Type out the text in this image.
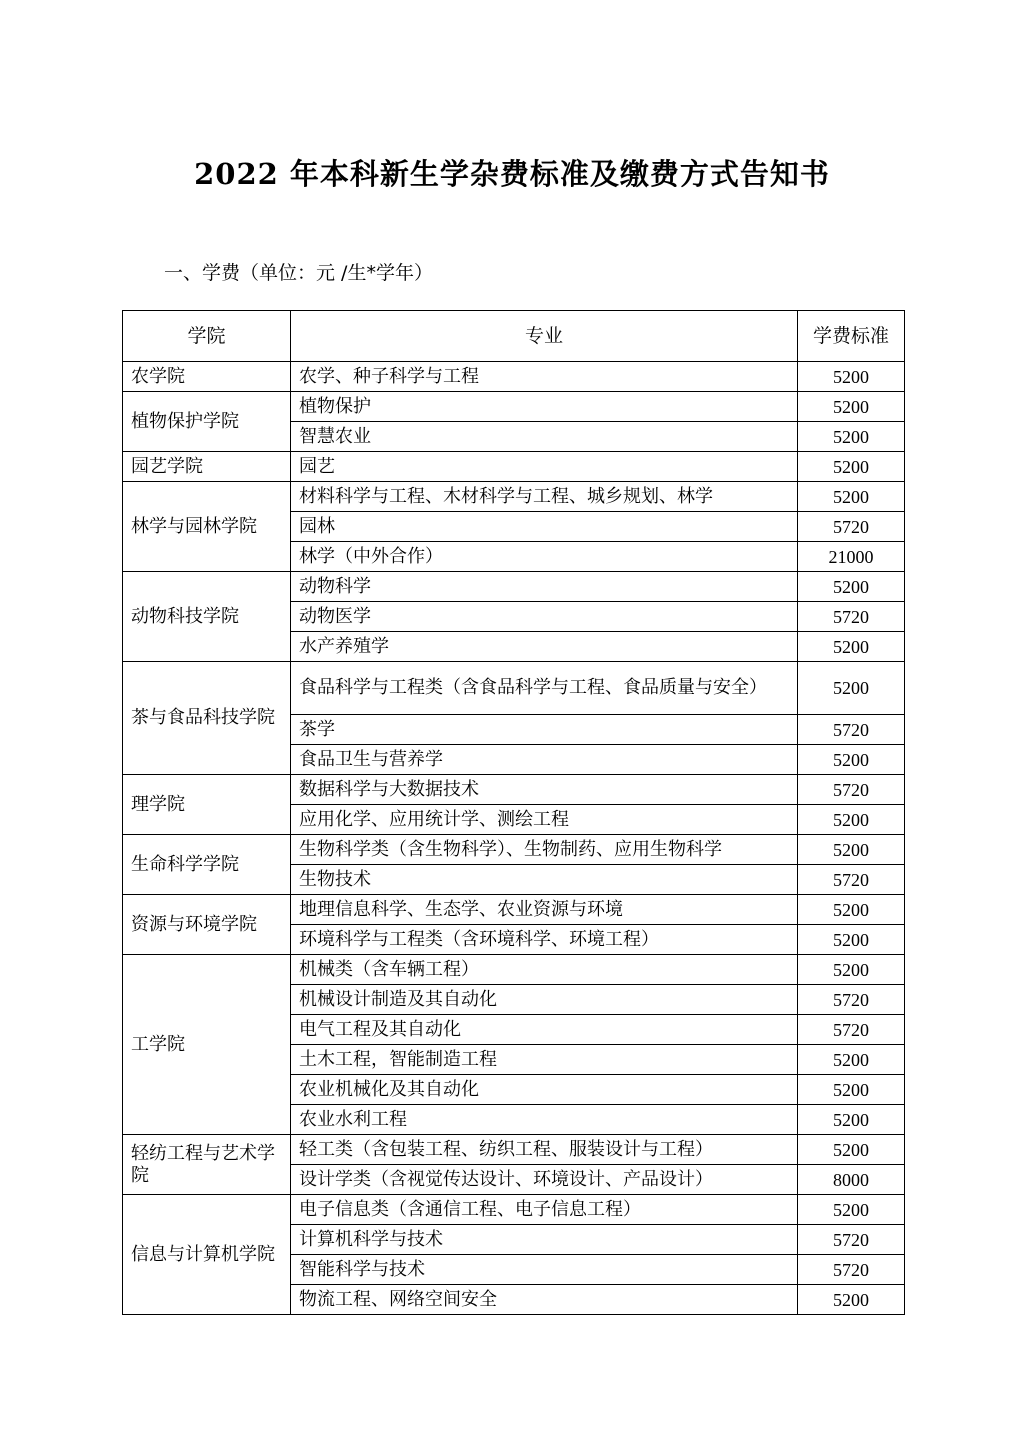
2022 年本科新生学杂费标准及缴费方式告知书

一、学费（单位：元 /生*学年）

学院	专业	学费标准
农学院	农学、种子科学与工程	5200
植物保护学院	植物保护	5200
	智慧农业	5200
园艺学院	园艺	5200
林学与园林学院	材料科学与工程、木材科学与工程、城乡规划、林学	5200
	园林	5720
	林学（中外合作）	21000
动物科技学院	动物科学	5200
	动物医学	5720
	水产养殖学	5200
茶与食品科技学院	食品科学与工程类（含食品科学与工程、食品质量与安全）	5200
	茶学	5720
	食品卫生与营养学	5200
理学院	数据科学与大数据技术	5720
	应用化学、应用统计学、测绘工程	5200
生命科学学院	生物科学类（含生物科学）、生物制药、应用生物科学	5200
	生物技术	5720
资源与环境学院	地理信息科学、生态学、农业资源与环境	5200
	环境科学与工程类（含环境科学、环境工程）	5200
工学院	机械类（含车辆工程）	5200
	机械设计制造及其自动化	5720
	电气工程及其自动化	5720
	土木工程，智能制造工程	5200
	农业机械化及其自动化	5200
	农业水利工程	5200
轻纺工程与艺术学院	轻工类（含包装工程、纺织工程、服装设计与工程）	5200
	设计学类（含视觉传达设计、环境设计、产品设计）	8000
信息与计算机学院	电子信息类（含通信工程、电子信息工程）	5200
	计算机科学与技术	5720
	智能科学与技术	5720
	物流工程、网络空间安全	5200
